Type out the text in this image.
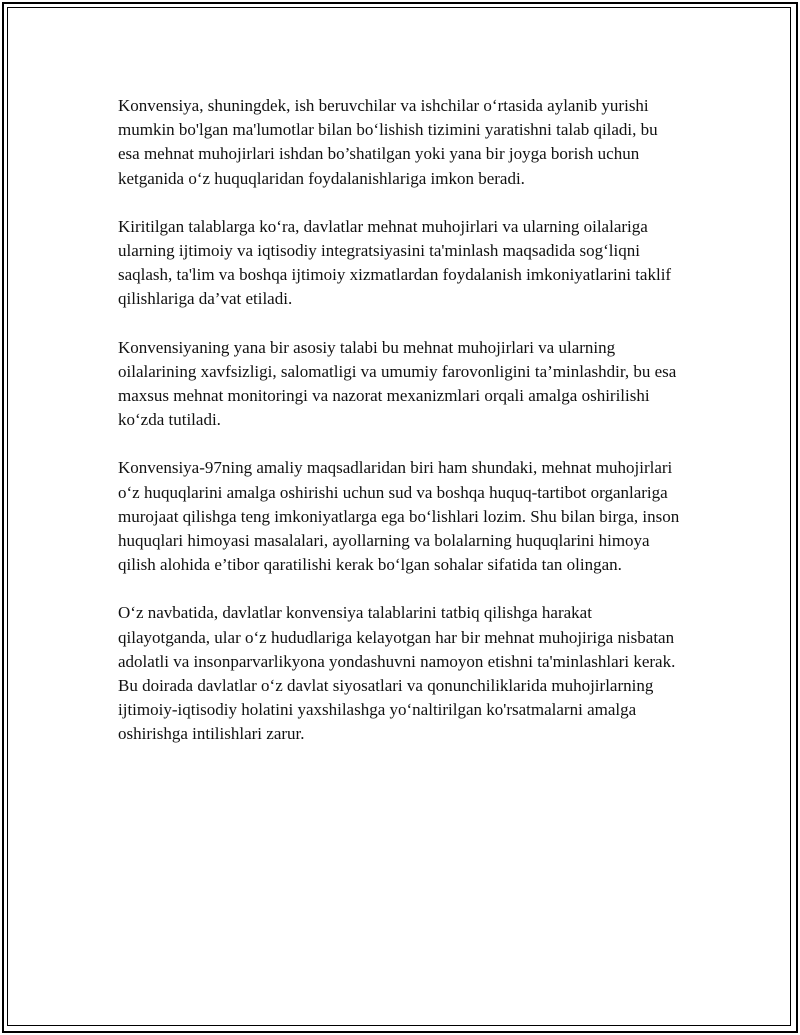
Konvensiya, shuningdek, ish beruvchilar va ishchilar o‘rtasida aylanib yurishi mumkin bo'lgan ma'lumotlar bilan bo‘lishish tizimini yaratishni talab qiladi, bu esa mehnat muhojirlari ishdan bo’shatilgan yoki yana bir joyga borish uchun ketganida o‘z huquqlaridan foydalanishlariga imkon beradi.

Kiritilgan talablarga ko‘ra, davlatlar mehnat muhojirlari va ularning oilalariga ularning ijtimoiy va iqtisodiy integratsiyasini ta'minlash maqsadida sog‘liqni saqlash, ta'lim va boshqa ijtimoiy xizmatlardan foydalanish imkoniyatlarini taklif qilishlariga da’vat etiladi.

Konvensiyaning yana bir asosiy talabi bu mehnat muhojirlari va ularning oilalarining xavfsizligi, salomatligi va umumiy farovonligini ta’minlashdir, bu esa maxsus mehnat monitoringi va nazorat mexanizmlari orqali amalga oshirilishi ko‘zda tutiladi.

Konvensiya-97ning amaliy maqsadlaridan biri ham shundaki, mehnat muhojirlari o‘z huquqlarini amalga oshirishi uchun sud va boshqa huquq-tartibot organlariga murojaat qilishga teng imkoniyatlarga ega bo‘lishlari lozim. Shu bilan birga, inson huquqlari himoyasi masalalari, ayollarning va bolalarning huquqlarini himoya qilish alohida e’tibor qaratilishi kerak bo‘lgan sohalar sifatida tan olingan.

O‘z navbatida, davlatlar konvensiya talablarini tatbiq qilishga harakat qilayotganda, ular o‘z hududlariga kelayotgan har bir mehnat muhojiriga nisbatan adolatli va insonparvarlikyona yondashuvni namoyon etishni ta'minlashlari kerak. Bu doirada davlatlar o‘z davlat siyosatlari va qonunchiliklarida muhojirlarning ijtimoiy-iqtisodiy holatini yaxshilashga yo‘naltirilgan ko'rsatmalarni amalga oshirishga intilishlari zarur.
